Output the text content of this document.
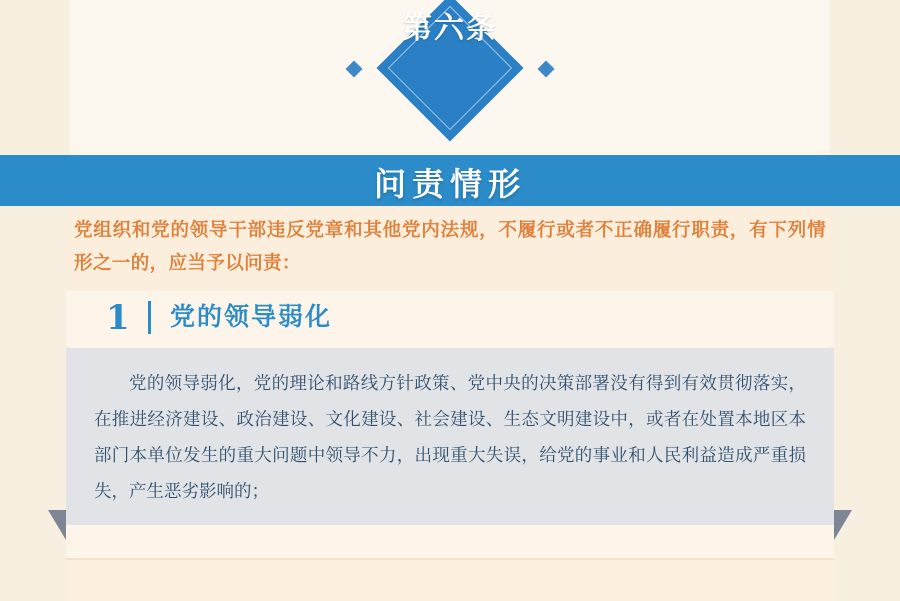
第六条
问责情形
党组织和党的领导干部违反党章和其他党内法规，不履行或者不正确履行职责，有下列情形之一的，应当予以问责：
1 党的领导弱化
党的领导弱化，党的理论和路线方针政策、党中央的决策部署没有得到有效贯彻落实，在推进经济建设、政治建设、文化建设、社会建设、生态文明建设中，或者在处置本地区本部门本单位发生的重大问题中领导不力，出现重大失误，给党的事业和人民利益造成严重损失，产生恶劣影响的；
